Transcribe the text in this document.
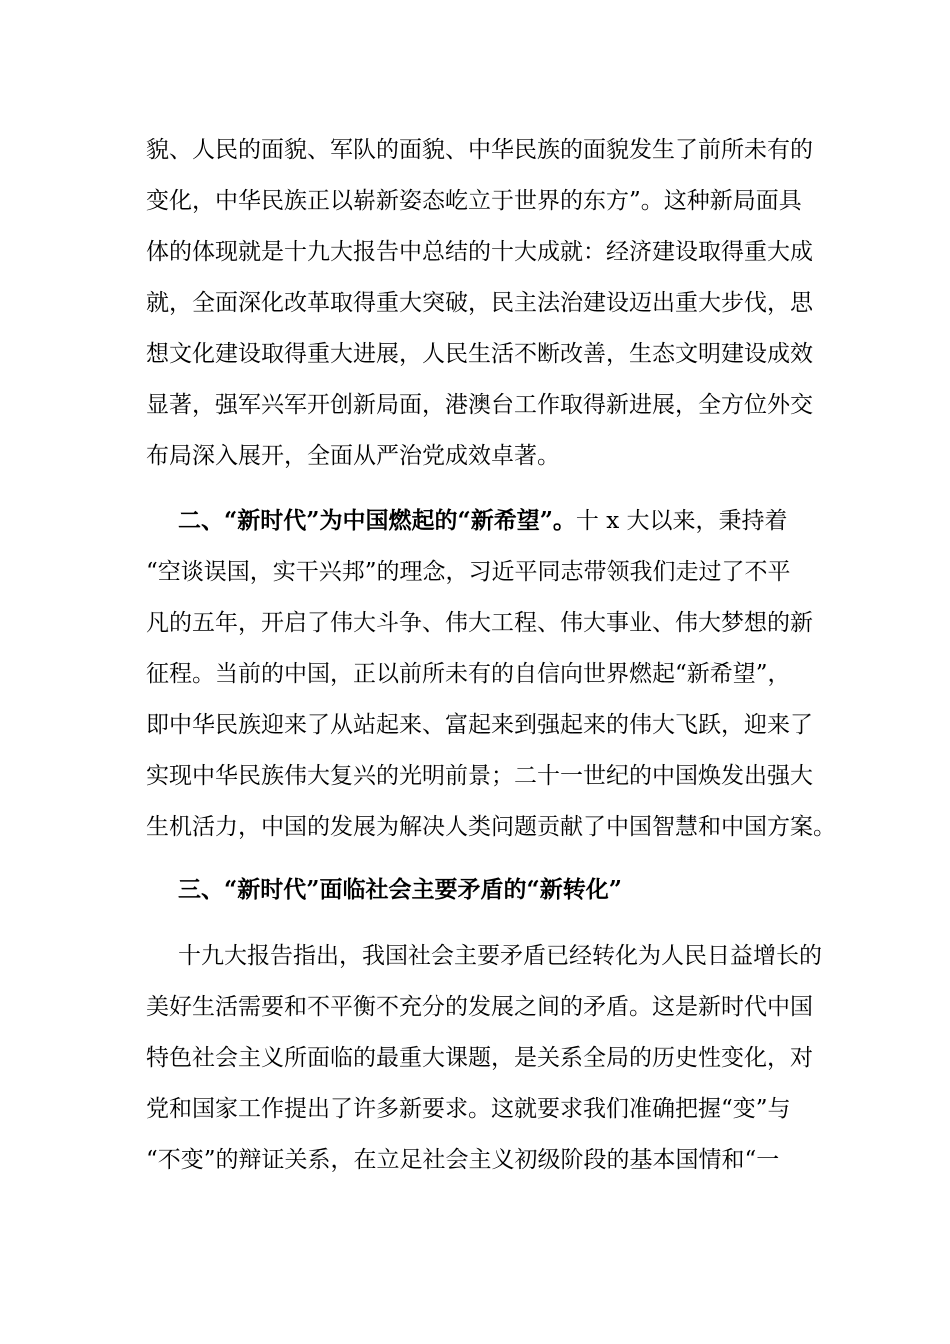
貌、人民的面貌、军队的面貌、中华民族的面貌发生了前所未有的
变化，中华民族正以崭新姿态屹立于世界的东方”。这种新局面具
体的体现就是十九大报告中总结的十大成就：经济建设取得重大成
就，全面深化改革取得重大突破，民主法治建设迈出重大步伐，思
想文化建设取得重大进展，人民生活不断改善，生态文明建设成效
显著，强军兴军开创新局面，港澳台工作取得新进展，全方位外交
布局深入展开，全面从严治党成效卓著。
二、“新时代”为中国燃起的“新希望”。十 x 大以来，秉持着
“空谈误国，实干兴邦”的理念，习近平同志带领我们走过了不平
凡的五年，开启了伟大斗争、伟大工程、伟大事业、伟大梦想的新
征程。当前的中国，正以前所未有的自信向世界燃起“新希望”，
即中华民族迎来了从站起来、富起来到强起来的伟大飞跃，迎来了
实现中华民族伟大复兴的光明前景；二十一世纪的中国焕发出强大
生机活力，中国的发展为解决人类问题贡献了中国智慧和中国方案。
三、“新时代”面临社会主要矛盾的“新转化”
十九大报告指出，我国社会主要矛盾已经转化为人民日益增长的
美好生活需要和不平衡不充分的发展之间的矛盾。这是新时代中国
特色社会主义所面临的最重大课题，是关系全局的历史性变化，对
党和国家工作提出了许多新要求。这就要求我们准确把握“变”与
“不变”的辩证关系，在立足社会主义初级阶段的基本国情和“一
